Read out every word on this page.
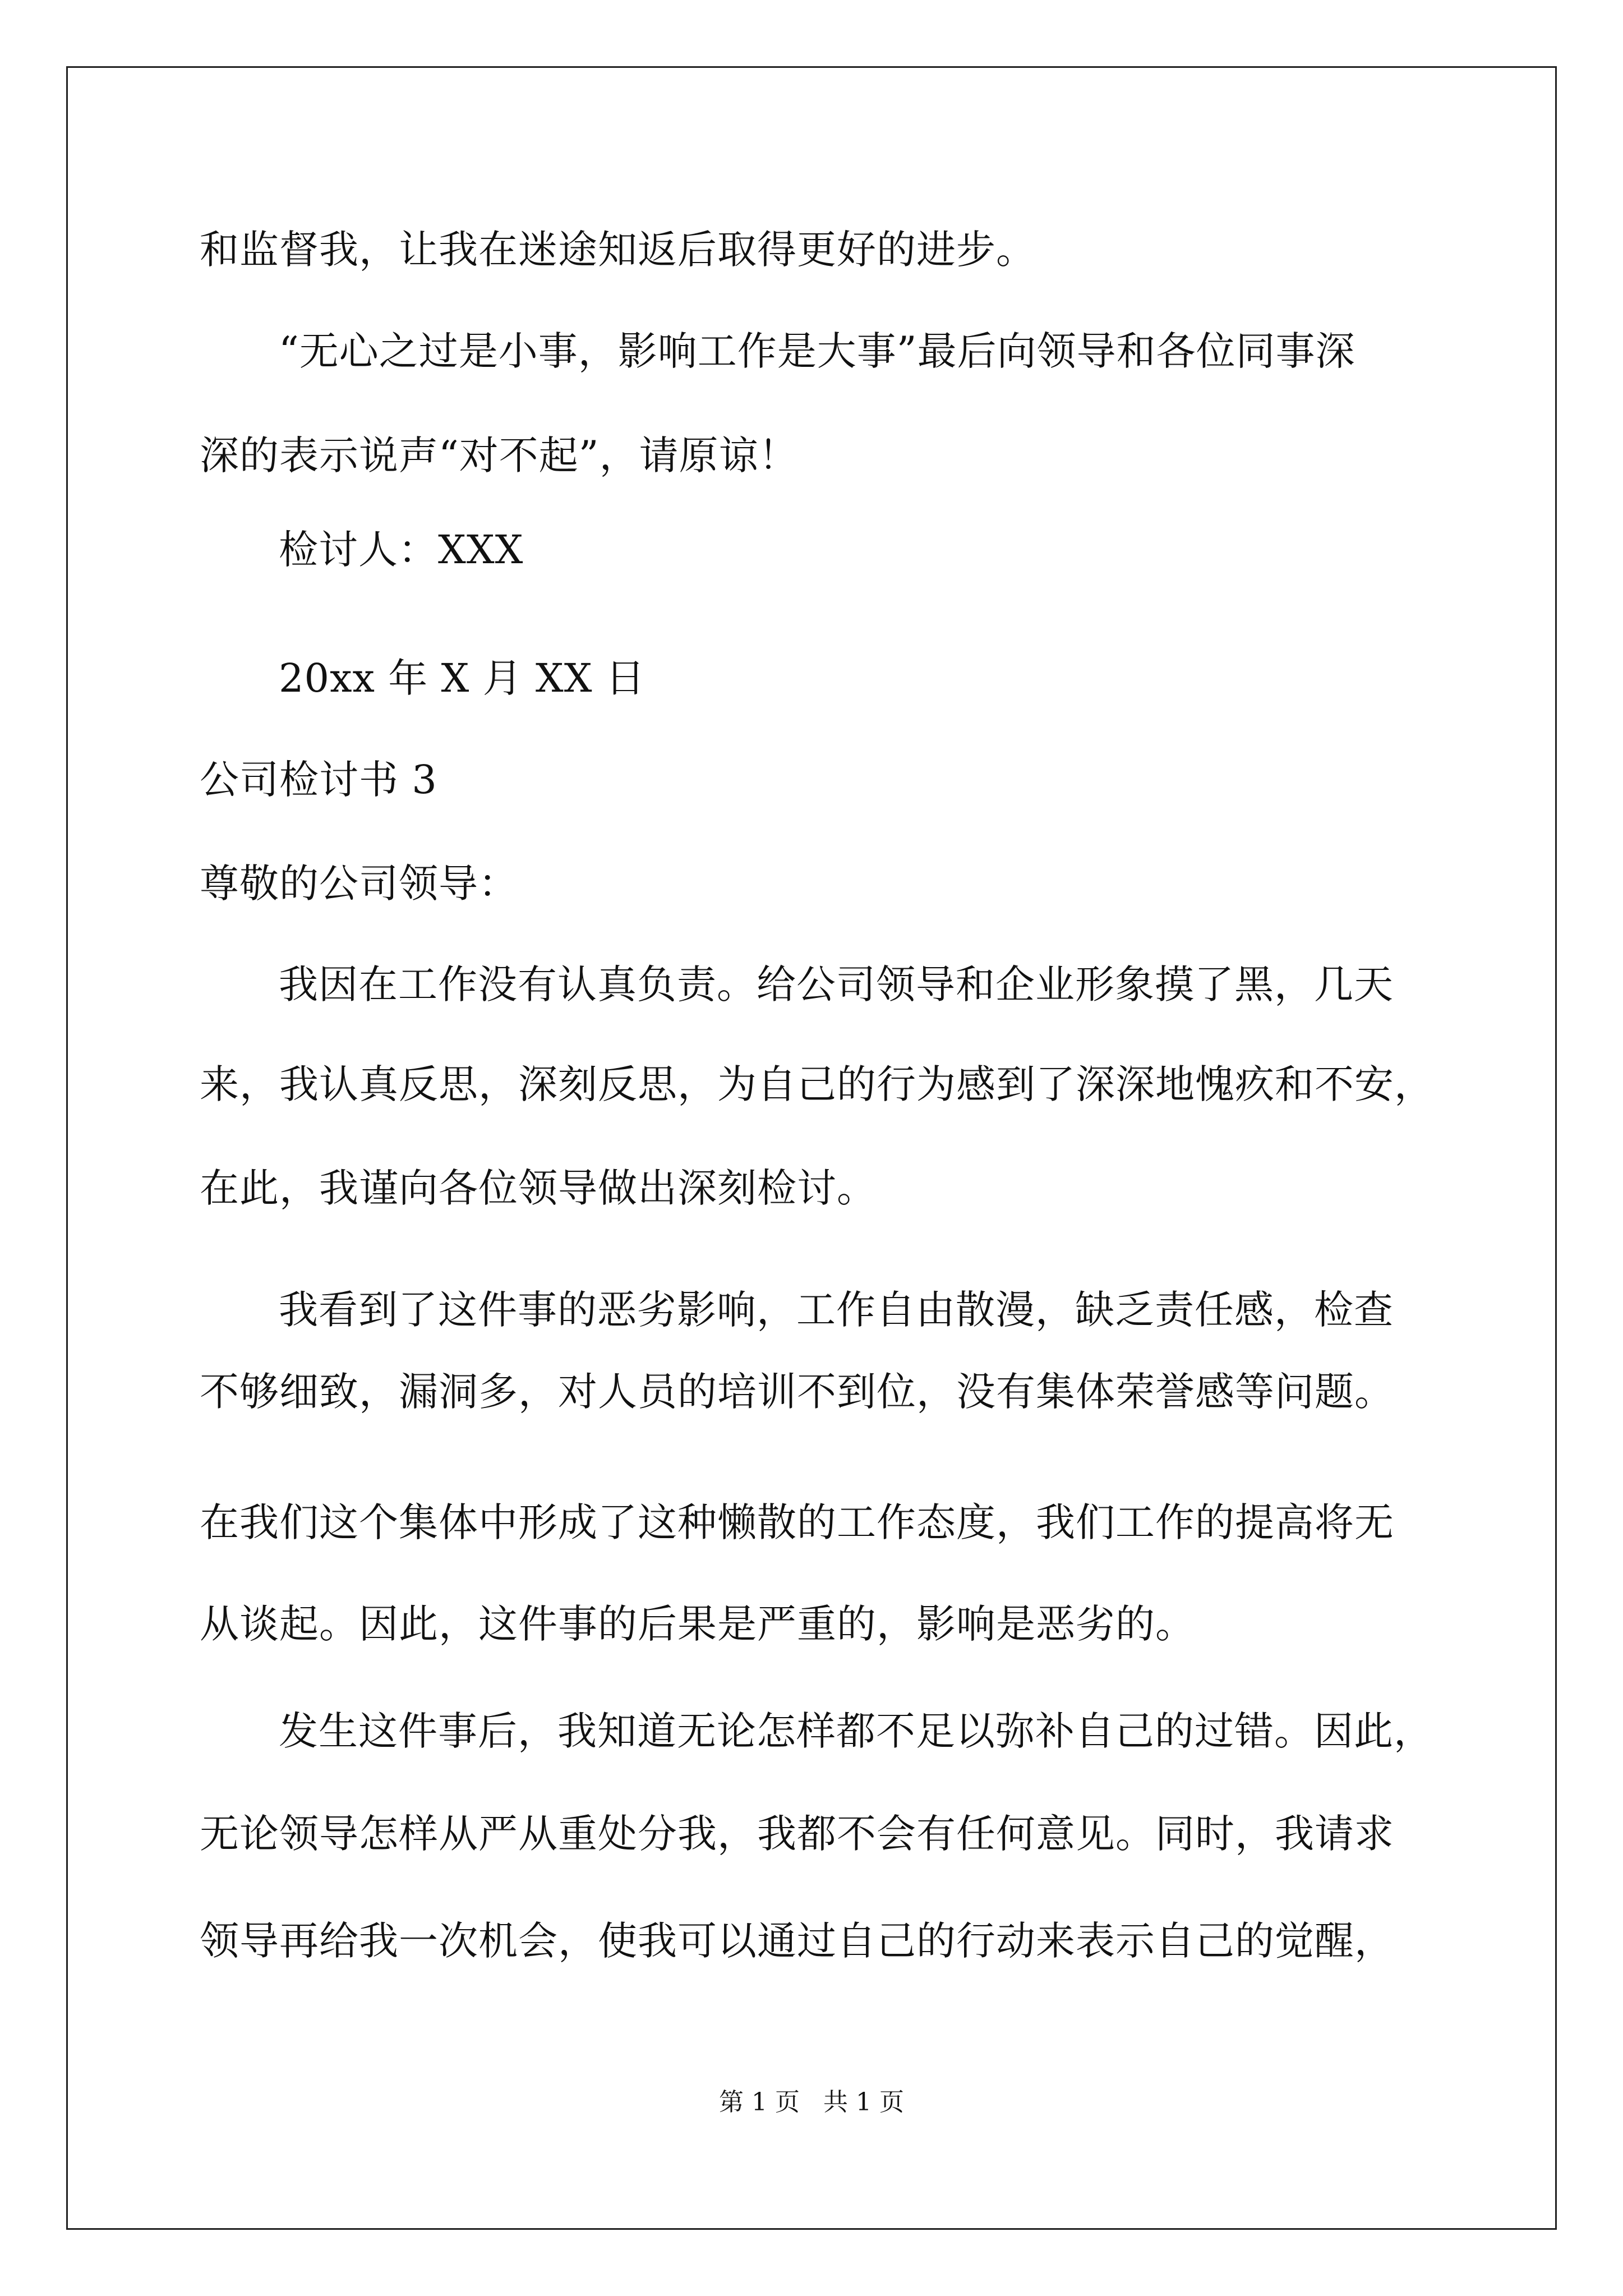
和监督我，让我在迷途知返后取得更好的进步。
“无心之过是小事，影响工作是大事”最后向领导和各位同事深
深的表示说声“对不起”，请原谅！
检讨人：XXX
20xx 年 X 月 XX 日
公司检讨书 3
尊敬的公司领导：
我因在工作没有认真负责。给公司领导和企业形象摸了黑，几天
来，我认真反思，深刻反思，为自己的行为感到了深深地愧疚和不安，
在此，我谨向各位领导做出深刻检讨。
我看到了这件事的恶劣影响，工作自由散漫，缺乏责任感，检查
不够细致，漏洞多，对人员的培训不到位，没有集体荣誉感等问题。
在我们这个集体中形成了这种懒散的工作态度，我们工作的提高将无
从谈起。因此，这件事的后果是严重的，影响是恶劣的。
发生这件事后，我知道无论怎样都不足以弥补自己的过错。因此，
无论领导怎样从严从重处分我，我都不会有任何意见。同时，我请求
领导再给我一次机会，使我可以通过自己的行动来表示自己的觉醒，
第 1 页   共 1 页
